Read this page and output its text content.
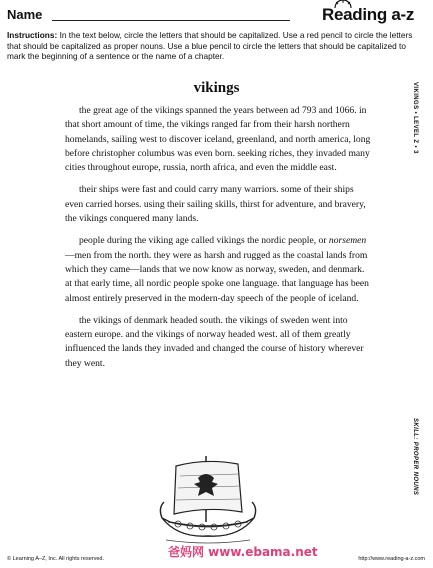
Name	Reading a-z

Instructions: In the text below, circle the letters that should be capitalized. Use a red pencil to circle the letters that should be capitalized as proper nouns. Use a blue pencil to circle the letters that should be capitalized to mark the beginning of a sentence or the name of a chapter.

VIKINGS • LEVEL Z • 3
SKILL: PROPER NOUNS
vikings

the great age of the vikings spanned the years between ad 793 and 1066. in that short amount of time, the vikings ranged far from their harsh northern homelands, sailing west to discover iceland, greenland, and north america, long before christopher columbus was even born. seeking riches, they invaded many cities throughout europe, russia, north africa, and even the middle east.

their ships were fast and could carry many warriors. some of their ships even carried horses. using their sailing skills, thirst for adventure, and bravery, the vikings conquered many lands.

people during the viking age called vikings the nordic people, or norsemen—men from the north. they were as harsh and rugged as the coastal lands from which they came—lands that we now know as norway, sweden, and denmark. at that early time, all nordic people spoke one language. that language has been almost entirely preserved in the modern-day speech of the people of iceland.

the vikings of denmark headed south. the vikings of sweden went into eastern europe. and the vikings of norway headed west. all of them greatly influenced the lands they invaded and changed the course of history wherever they went.

© Learning A–Z, Inc. All rights reserved.	爸妈网 www.ebama.net	http://www.reading-a-z.com
